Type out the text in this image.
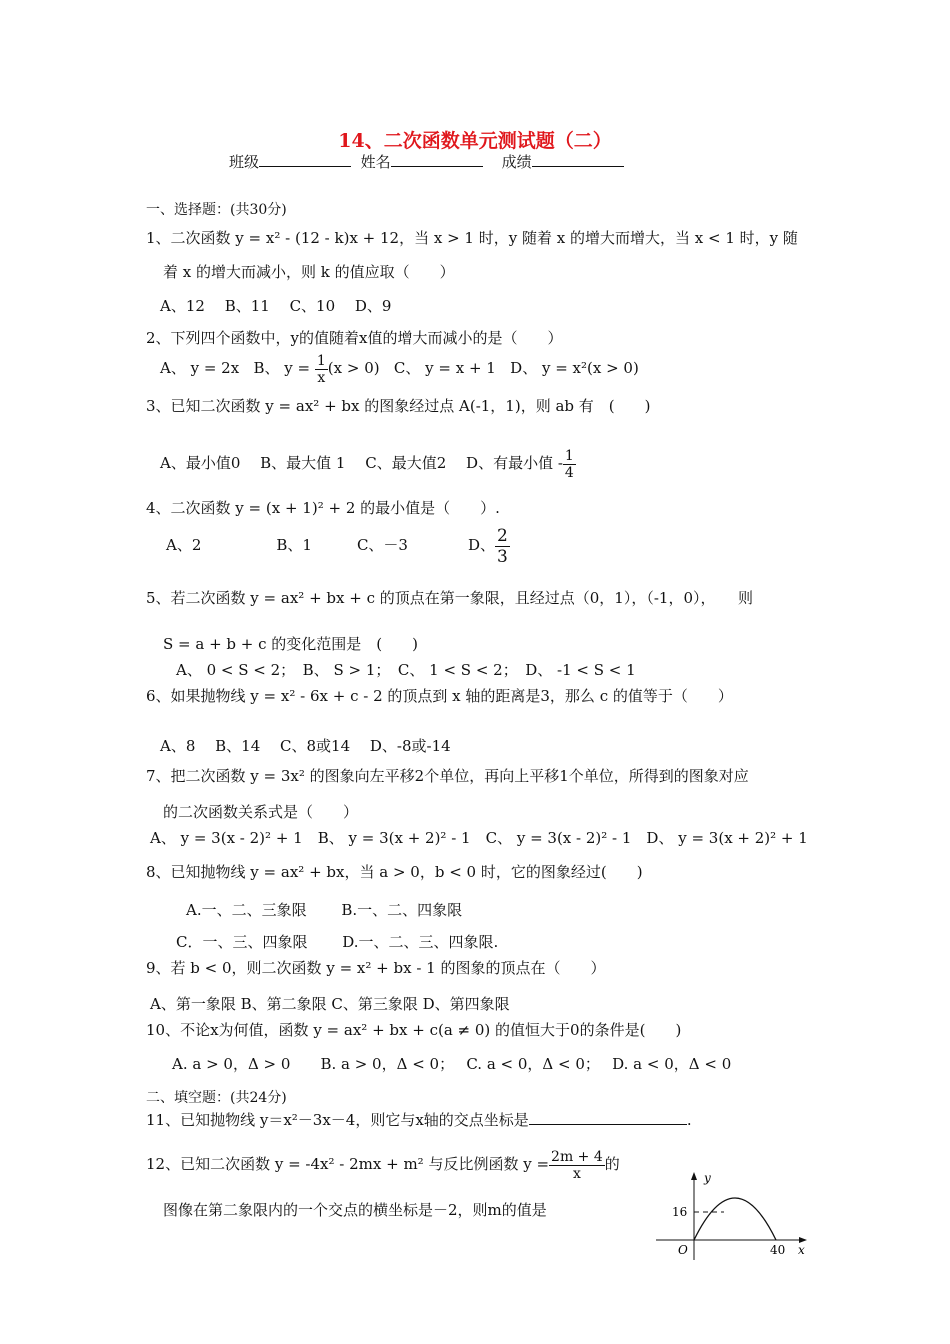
14、二次函数单元测试题（二）
班级	姓名	成绩
一、选择题：(共30分)
1、二次函数 y = x² - (12 - k)x + 12，当 x > 1 时，y 随着 x 的增大而增大，当 x < 1 时，y 随
着 x 的增大而减小，则 k 的值应取（　　）
A、12　 B、11　 C、10　 D、9
2、下列四个函数中，y的值随着x值的增大而减小的是（　　）
A、 y = 2x B、 $y = \frac{1}{x} (x > 0)$ C、 y = x + 1 D、 y = x²(x > 0)
3、已知二次函数 y = ax² + bx 的图象经过点 A(-1，1)，则 ab 有　(　　)
A、最小值0　 B、最大值 1　 C、最大值2　 D、有最小值 - $\frac{1}{4}$
4、二次函数 y = (x + 1)² + 2 的最小值是（　　）.
A、2　　　　　B、1　　　C、－3　　　　D、 $\frac{2}{3}$
5、若二次函数 y = ax² + bx + c 的顶点在第一象限，且经过点（0，1），（-1，0），　　则
S = a + b + c 的变化范围是　(　　)
A、 0 < S < 2；　B、 S > 1；　C、 1 < S < 2；　D、 -1 < S < 1
6、如果抛物线 y = x² - 6x + c - 2 的顶点到 x 轴的距离是3，那么 c 的值等于（　　）
A、8　 B、14　 C、8或14　 D、-8或-14
7、把二次函数 y = 3x² 的图象向左平移2个单位，再向上平移1个单位，所得到的图象对应
的二次函数关系式是（　　）
A、 y = 3(x - 2)² + 1　B、 y = 3(x + 2)² - 1　C、 y = 3(x - 2)² - 1　D、 y = 3(x + 2)² + 1
8、已知抛物线 y = ax² + bx，当 a > 0，b < 0 时，它的图象经过(　　)
A.一、二、三象限　　 B.一、二、四象限
C．一、三、四象限　　 D.一、二、三、四象限.
9、若 b < 0，则二次函数 y = x² + bx - 1 的图象的顶点在（　　）
A、第一象限 B、第二象限 C、第三象限 D、第四象限
10、不论x为何值，函数 y = ax² + bx + c(a ≠ 0) 的值恒大于0的条件是(　　)
A. a > 0，Δ > 0　　B. a > 0，Δ < 0；　 C. a < 0，Δ < 0；　 D. a < 0，Δ < 0
二、填空题：(共24分)
11、已知抛物线 y＝x²－3x－4，则它与x轴的交点坐标是	.
12、已知二次函数 y = -4x² - 2mx + m² 与反比例函数 $y = \frac{2m + 4}{x}$ 的
图像在第二象限内的一个交点的横坐标是－2，则m的值是
y
x
O
16
40
